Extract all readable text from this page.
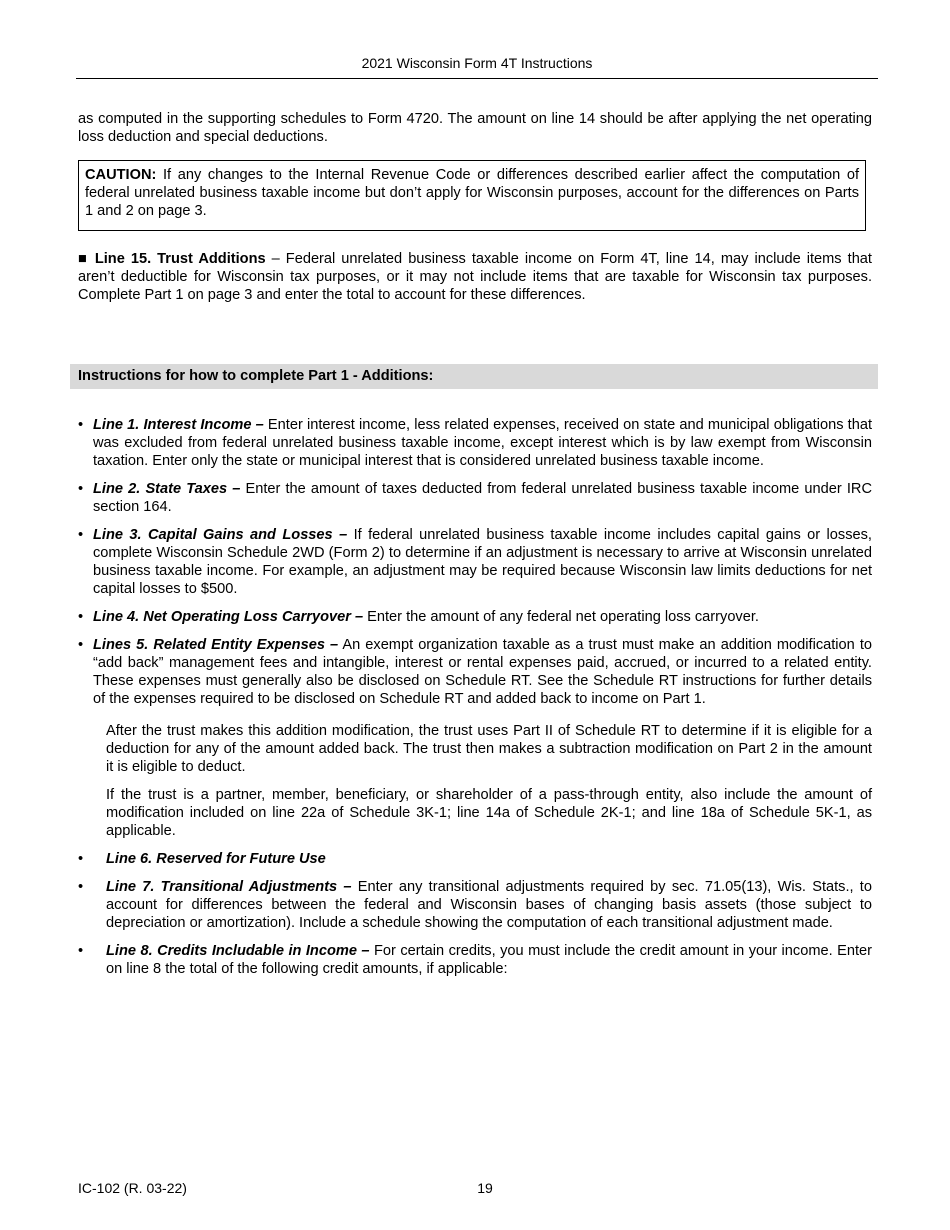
2021 Wisconsin Form 4T Instructions
as computed in the supporting schedules to Form 4720. The amount on line 14 should be after applying the net operating loss deduction and special deductions.
CAUTION: If any changes to the Internal Revenue Code or differences described earlier affect the computation of federal unrelated business taxable income but don’t apply for Wisconsin purposes, account for the differences on Parts 1 and 2 on page 3.
■ Line 15. Trust Additions – Federal unrelated business taxable income on Form 4T, line 14, may include items that aren’t deductible for Wisconsin tax purposes, or it may not include items that are taxable for Wisconsin tax purposes. Complete Part 1 on page 3 and enter the total to account for these differences.
Instructions for how to complete Part 1 - Additions:
• Line 1. Interest Income – Enter interest income, less related expenses, received on state and municipal obligations that was excluded from federal unrelated business taxable income, except interest which is by law exempt from Wisconsin taxation. Enter only the state or municipal interest that is considered unrelated business taxable income.
• Line 2. State Taxes – Enter the amount of taxes deducted from federal unrelated business taxable income under IRC section 164.
• Line 3. Capital Gains and Losses – If federal unrelated business taxable income includes capital gains or losses, complete Wisconsin Schedule 2WD (Form 2) to determine if an adjustment is necessary to arrive at Wisconsin unrelated business taxable income. For example, an adjustment may be required because Wisconsin law limits deductions for net capital losses to $500.
• Line 4. Net Operating Loss Carryover – Enter the amount of any federal net operating loss carryover.
• Lines 5. Related Entity Expenses – An exempt organization taxable as a trust must make an addition modification to “add back” management fees and intangible, interest or rental expenses paid, accrued, or incurred to a related entity. These expenses must generally also be disclosed on Schedule RT. See the Schedule RT instructions for further details of the expenses required to be disclosed on Schedule RT and added back to income on Part 1.
After the trust makes this addition modification, the trust uses Part II of Schedule RT to determine if it is eligible for a deduction for any of the amount added back. The trust then makes a subtraction modification on Part 2 in the amount it is eligible to deduct.
If the trust is a partner, member, beneficiary, or shareholder of a pass-through entity, also include the amount of modification included on line 22a of Schedule 3K-1; line 14a of Schedule 2K-1; and line 18a of Schedule 5K-1, as applicable.
• Line 6. Reserved for Future Use
• Line 7. Transitional Adjustments – Enter any transitional adjustments required by sec. 71.05(13), Wis. Stats., to account for differences between the federal and Wisconsin bases of changing basis assets (those subject to depreciation or amortization). Include a schedule showing the computation of each transitional adjustment made.
• Line 8. Credits Includable in Income – For certain credits, you must include the credit amount in your income. Enter on line 8 the total of the following credit amounts, if applicable:
IC-102 (R. 03-22)	19
